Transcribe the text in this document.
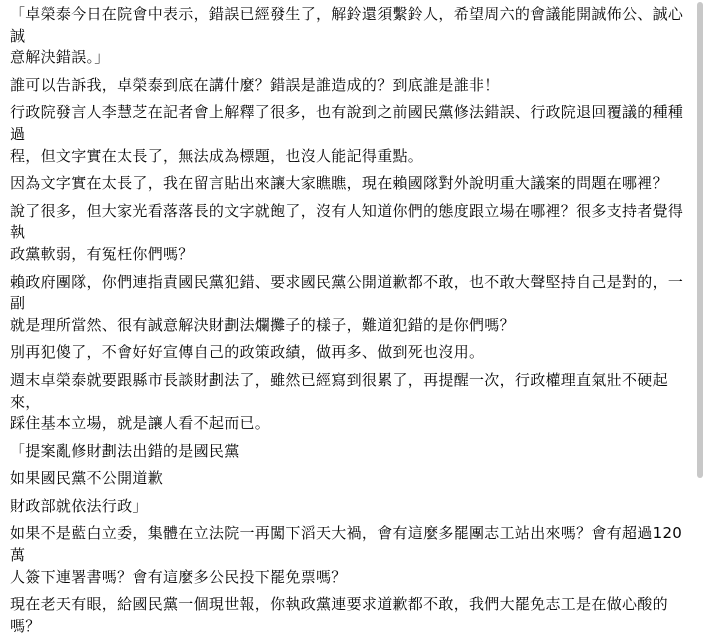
「卓榮泰今日在院會中表示，錯誤已經發生了，解鈴還須繫鈴人，希望周六的會議能開誠佈公、誠心誠
意解決錯誤。」

誰可以告訴我，卓榮泰到底在講什麼？錯誤是誰造成的？到底誰是誰非！

行政院發言人李慧芝在記者會上解釋了很多，也有說到之前國民黨修法錯誤、行政院退回覆議的種種過
程，但文字實在太長了，無法成為標題，也沒人能記得重點。

因為文字實在太長了，我在留言貼出來讓大家瞧瞧，現在賴國隊對外說明重大議案的問題在哪裡？

說了很多，但大家光看落落長的文字就飽了，沒有人知道你們的態度跟立場在哪裡？很多支持者覺得執
政黨軟弱，有冤枉你們嗎？

賴政府團隊，你們連指責國民黨犯錯、要求國民黨公開道歉都不敢，也不敢大聲堅持自己是對的，一副
就是理所當然、很有誠意解決財劃法爛攤子的樣子，難道犯錯的是你們嗎？

別再犯傻了，不會好好宣傳自己的政策政績，做再多、做到死也沒用。

週末卓榮泰就要跟縣市長談財劃法了，雖然已經寫到很累了，再提醒一次，行政權理直氣壯不硬起來，
踩住基本立場，就是讓人看不起而已。

「提案亂修財劃法出錯的是國民黨

如果國民黨不公開道歉

財政部就依法行政」

如果不是藍白立委，集體在立法院一再闖下滔天大禍，會有這麼多罷團志工站出來嗎？會有超過120萬
人簽下連署書嗎？會有這麼多公民投下罷免票嗎？

現在老天有眼，給國民黨一個現世報，你執政黨連要求道歉都不敢，我們大罷免志工是在做心酸的嗎？
